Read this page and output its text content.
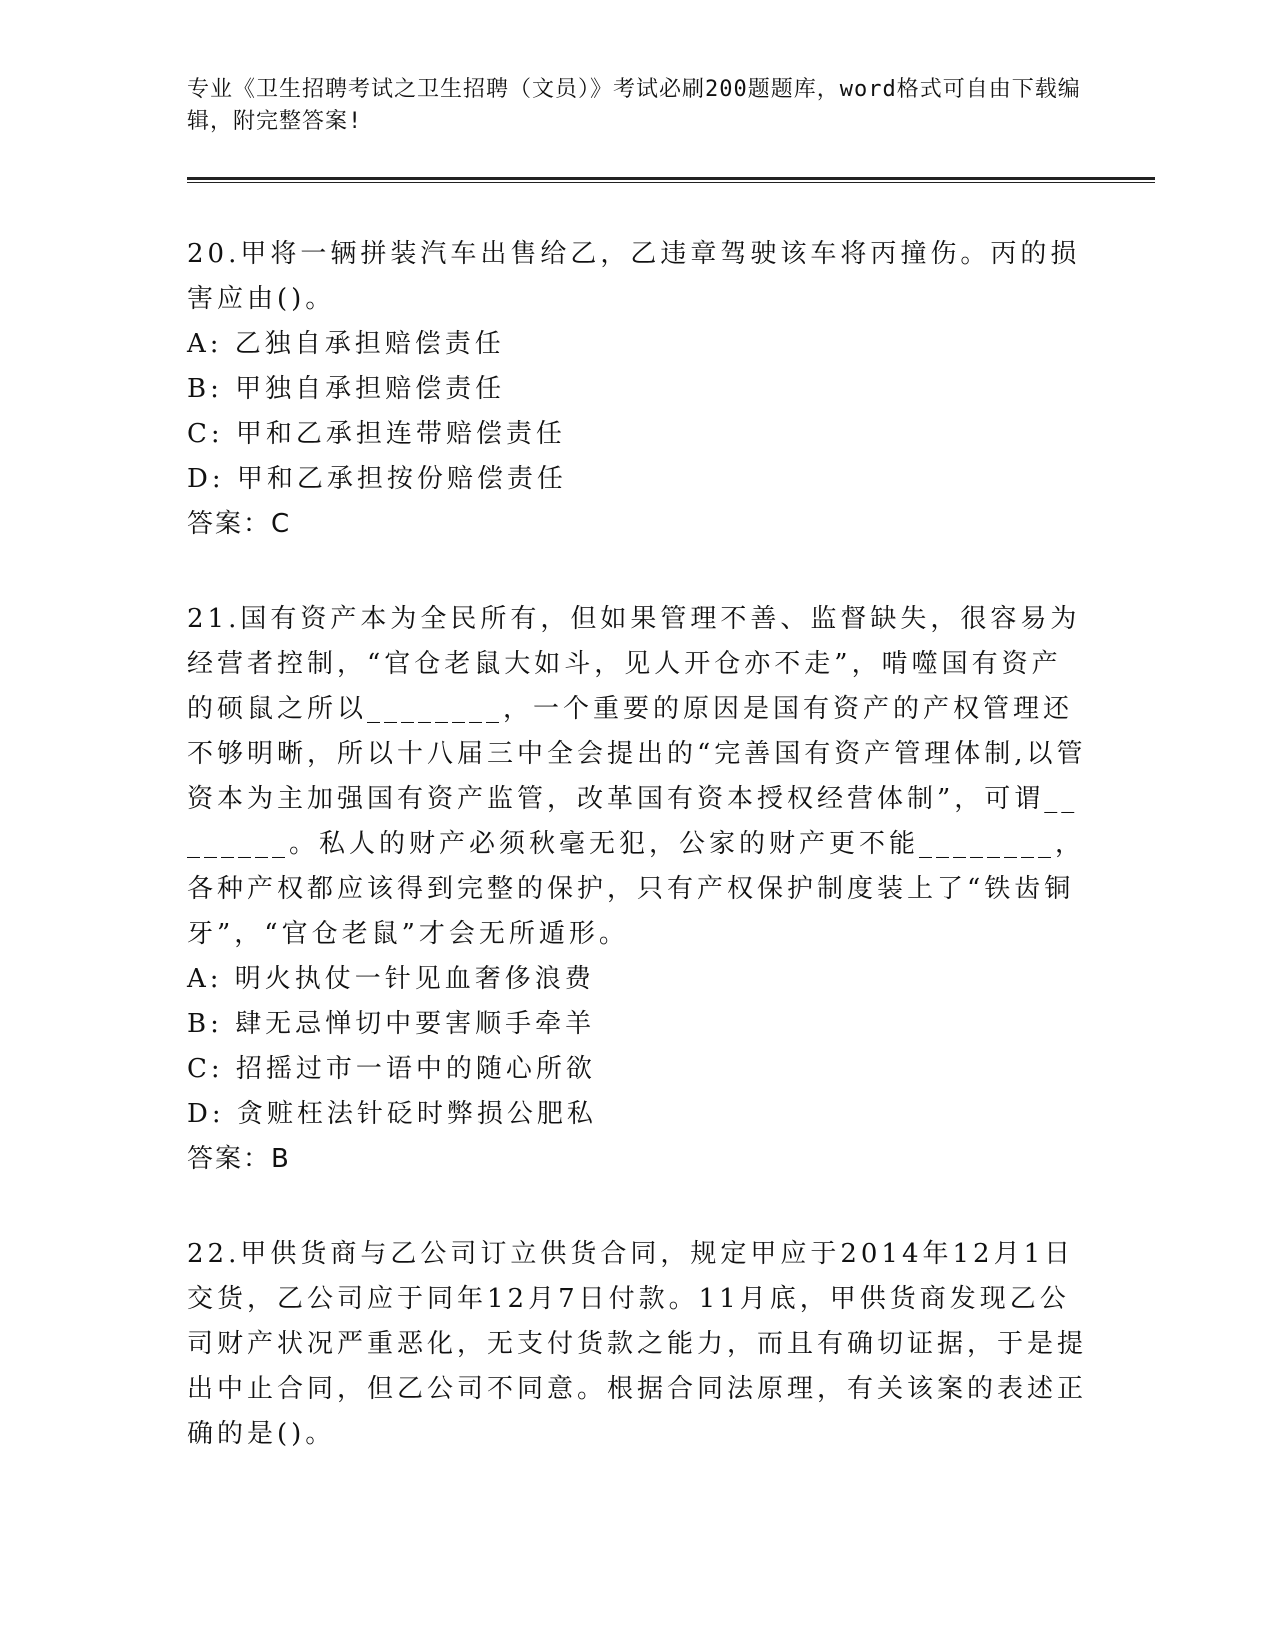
专业《卫生招聘考试之卫生招聘（文员）》考试必刷200题题库，word格式可自由下载编辑，附完整答案!

20.甲将一辆拼装汽车出售给乙，乙违章驾驶该车将丙撞伤。丙的损害应由()。

A: 乙独自承担赔偿责任

B: 甲独自承担赔偿责任

C: 甲和乙承担连带赔偿责任

D: 甲和乙承担按份赔偿责任

答案：C

21.国有资产本为全民所有，但如果管理不善、监督缺失，很容易为经营者控制，“官仓老鼠大如斗，见人开仓亦不走”，啃噬国有资产的硕鼠之所以________，一个重要的原因是国有资产的产权管理还不够明晰，所以十八届三中全会提出的“完善国有资产管理体制,以管资本为主加强国有资产监管，改革国有资本授权经营体制”，可谓________。私人的财产必须秋毫无犯，公家的财产更不能________，各种产权都应该得到完整的保护，只有产权保护制度装上了“铁齿铜牙”，“官仓老鼠”才会无所遁形。

A: 明火执仗一针见血奢侈浪费

B: 肆无忌惮切中要害顺手牵羊

C: 招摇过市一语中的随心所欲

D: 贪赃枉法针砭时弊损公肥私

答案：B

22.甲供货商与乙公司订立供货合同，规定甲应于2014年12月1日交货，乙公司应于同年12月7日付款。11月底，甲供货商发现乙公司财产状况严重恶化，无支付货款之能力，而且有确切证据，于是提出中止合同，但乙公司不同意。根据合同法原理，有关该案的表述正确的是()。
